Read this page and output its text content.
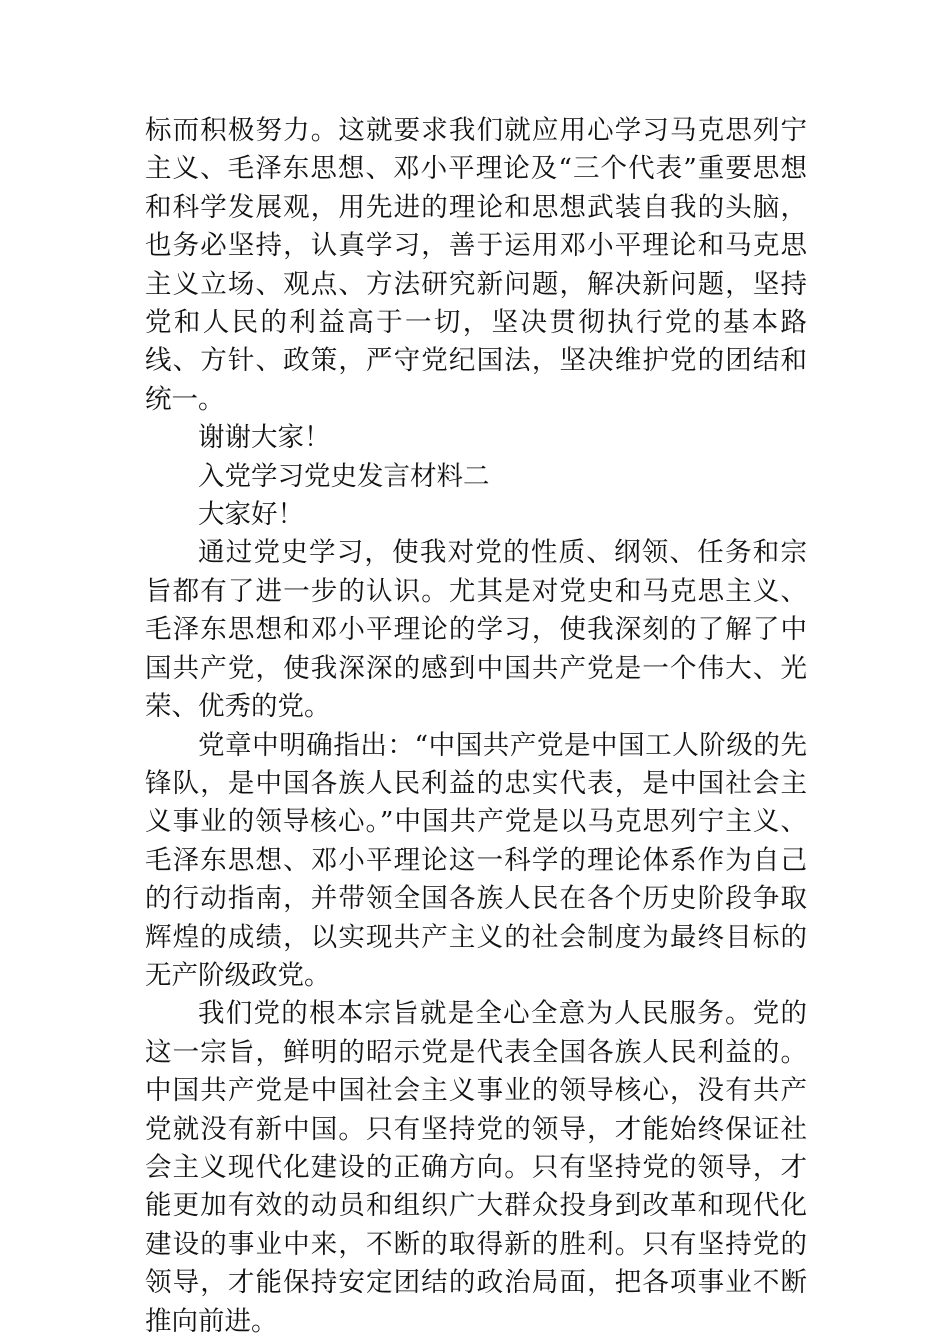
标而积极努力。这就要求我们就应用心学习马克思列宁主义、毛泽东思想、邓小平理论及“三个代表”重要思想和科学发展观，用先进的理论和思想武装自我的头脑，也务必坚持，认真学习，善于运用邓小平理论和马克思主义立场、观点、方法研究新问题，解决新问题，坚持党和人民的利益高于一切，坚决贯彻执行党的基本路线、方针、政策，严守党纪国法，坚决维护党的团结和统一。

谢谢大家！

入党学习党史发言材料二

大家好！

通过党史学习，使我对党的性质、纲领、任务和宗旨都有了进一步的认识。尤其是对党史和马克思主义、毛泽东思想和邓小平理论的学习，使我深刻的了解了中国共产党，使我深深的感到中国共产党是一个伟大、光荣、优秀的党。

党章中明确指出：“中国共产党是中国工人阶级的先锋队，是中国各族人民利益的忠实代表，是中国社会主义事业的领导核心。”中国共产党是以马克思列宁主义、毛泽东思想、邓小平理论这一科学的理论体系作为自己的行动指南，并带领全国各族人民在各个历史阶段争取辉煌的成绩，以实现共产主义的社会制度为最终目标的无产阶级政党。

我们党的根本宗旨就是全心全意为人民服务。党的这一宗旨，鲜明的昭示党是代表全国各族人民利益的。中国共产党是中国社会主义事业的领导核心，没有共产党就没有新中国。只有坚持党的领导，才能始终保证社会主义现代化建设的正确方向。只有坚持党的领导，才能更加有效的动员和组织广大群众投身到改革和现代化建设的事业中来，不断的取得新的胜利。只有坚持党的领导，才能保持安定团结的政治局面，把各项事业不断推向前进。
